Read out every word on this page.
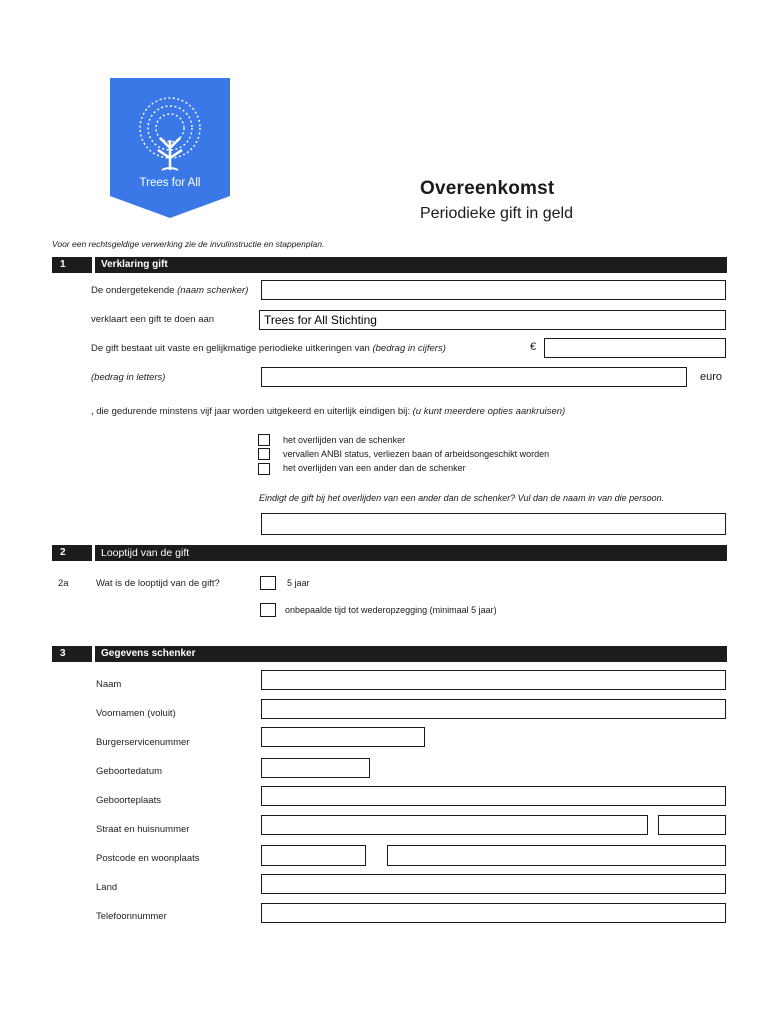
Trees for All	Overeenkomst
Periodieke gift in geld
Voor een rechtsgeldige verwerking zie de invulinstructie en stappenplan.
1	Verklaring gift
De ondergetekende (naam schenker)
verklaart een gift te doen aan	Trees for All Stichting
De gift bestaat uit vaste en gelijkmatige periodieke uitkeringen van (bedrag in cijfers)	€
(bedrag in letters)	euro
, die gedurende minstens vijf jaar worden uitgekeerd en uiterlijk eindigen bij: (u kunt meerdere opties aankruisen)
het overlijden van de schenker
vervallen ANBI status, verliezen baan of arbeidsongeschikt worden
het overlijden van een ander dan de schenker
Eindigt de gift bij het overlijden van een ander dan de schenker? Vul dan de naam in van die persoon.
2	Looptijd van de gift
2a	Wat is de looptijd van de gift?	5 jaar
onbepaalde tijd tot wederopzegging (minimaal 5 jaar)
3	Gegevens schenker
Naam
Voornamen (voluit)
Burgerservicenummer
Geboortedatum
Geboorteplaats
Straat en huisnummer
Postcode en woonplaats
Land
Telefoonnummer
